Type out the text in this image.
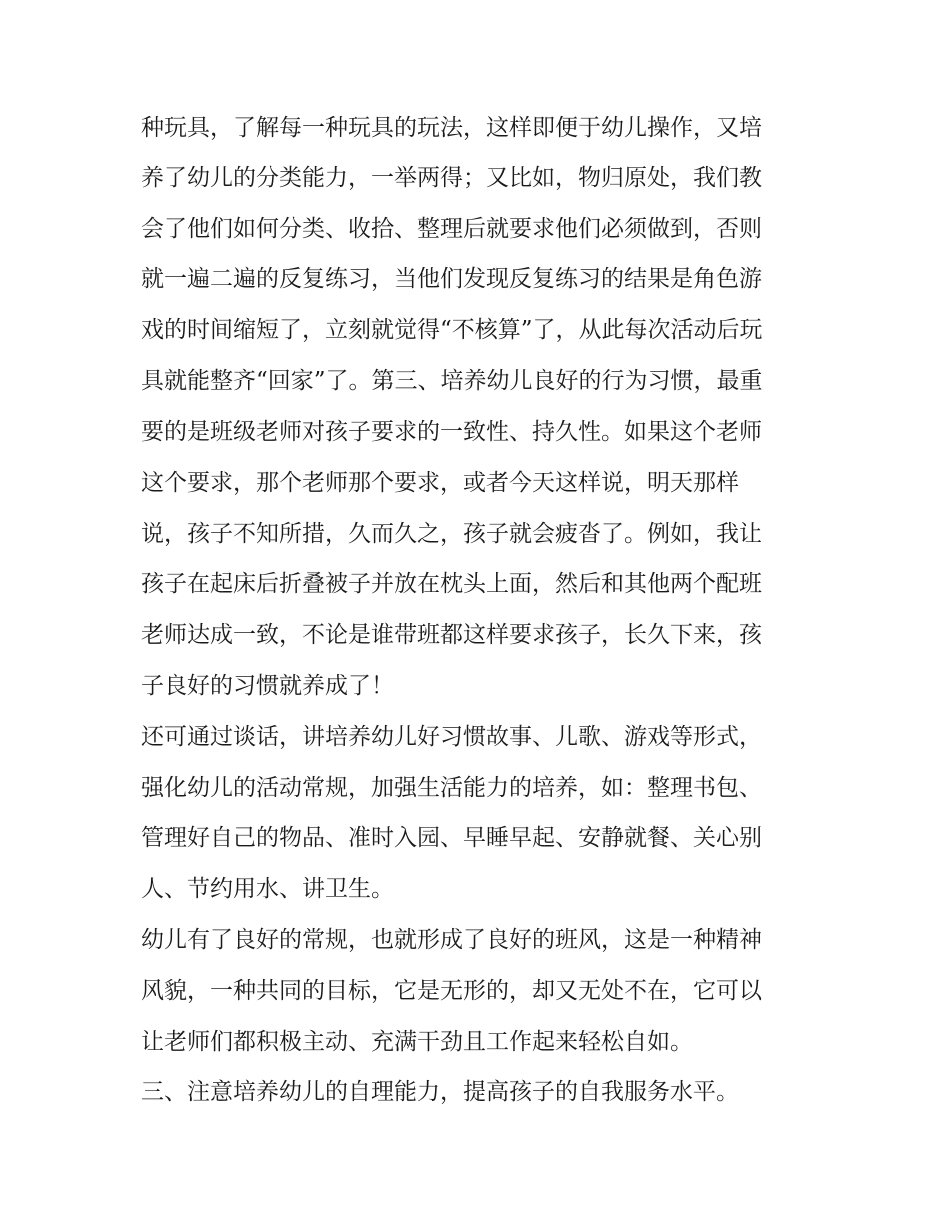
种玩具，了解每一种玩具的玩法，这样即便于幼儿操作，又培
养了幼儿的分类能力，一举两得；又比如，物归原处，我们教
会了他们如何分类、收拾、整理后就要求他们必须做到，否则
就一遍二遍的反复练习，当他们发现反复练习的结果是角色游
戏的时间缩短了，立刻就觉得“不核算”了，从此每次活动后玩
具就能整齐“回家”了。第三、培养幼儿良好的行为习惯，最重
要的是班级老师对孩子要求的一致性、持久性。如果这个老师
这个要求，那个老师那个要求，或者今天这样说，明天那样
说，孩子不知所措，久而久之，孩子就会疲沓了。例如，我让
孩子在起床后折叠被子并放在枕头上面，然后和其他两个配班
老师达成一致，不论是谁带班都这样要求孩子，长久下来，孩
子良好的习惯就养成了！
还可通过谈话，讲培养幼儿好习惯故事、儿歌、游戏等形式，
强化幼儿的活动常规，加强生活能力的培养，如：整理书包、
管理好自己的物品、准时入园、早睡早起、安静就餐、关心别
人、节约用水、讲卫生。
幼儿有了良好的常规，也就形成了良好的班风，这是一种精神
风貌，一种共同的目标，它是无形的，却又无处不在，它可以
让老师们都积极主动、充满干劲且工作起来轻松自如。
三、注意培养幼儿的自理能力，提高孩子的自我服务水平。
